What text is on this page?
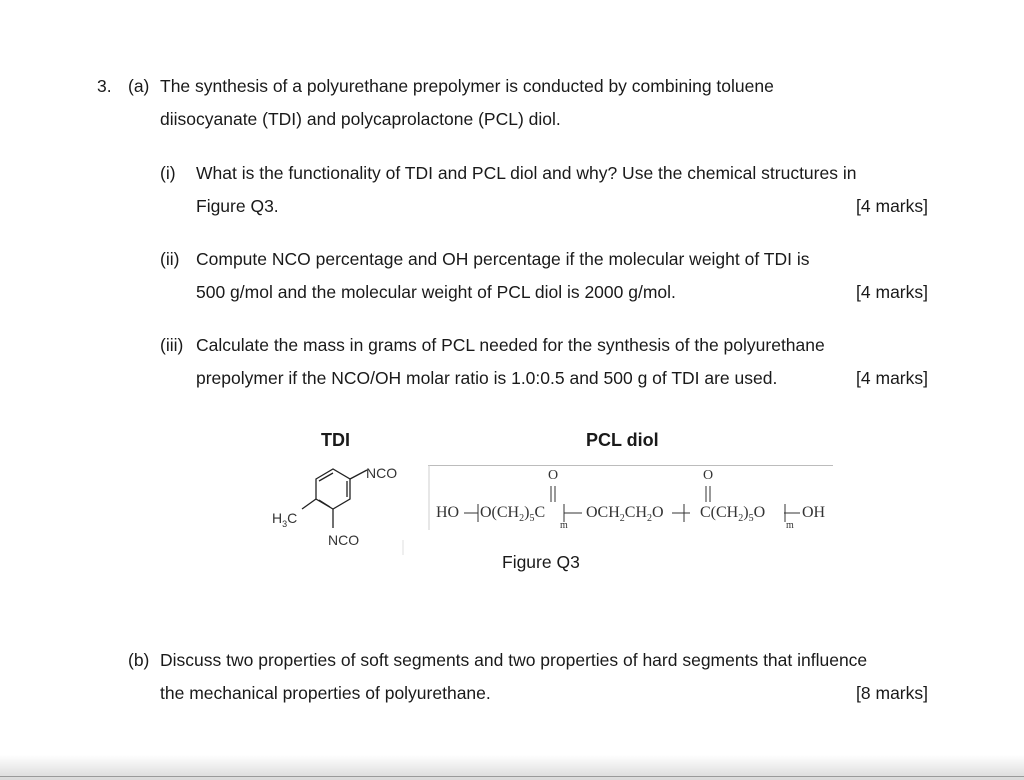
3. (a) The synthesis of a polyurethane prepolymer is conducted by combining toluene
diisocyanate (TDI) and polycaprolactone (PCL) diol.
(i) What is the functionality of TDI and PCL diol and why? Use the chemical structures in
Figure Q3.	[4 marks]
(ii) Compute NCO percentage and OH percentage if the molecular weight of TDI is
500 g/mol and the molecular weight of PCL diol is 2000 g/mol.	[4 marks]
(iii) Calculate the mass in grams of PCL needed for the synthesis of the polyurethane
prepolymer if the NCO/OH molar ratio is 1.0:0.5 and 500 g of TDI are used.	[4 marks]
TDI	PCL diol
NCO
$H_3C$
NCO
O	O
HO $O(CH_2)_5C$
m
$OCH_2CH_2O$ $C(CH_2)_5O$
m
OH
Figure Q3
(b) Discuss two properties of soft segments and two properties of hard segments that influence
the mechanical properties of polyurethane.	[8 marks]
